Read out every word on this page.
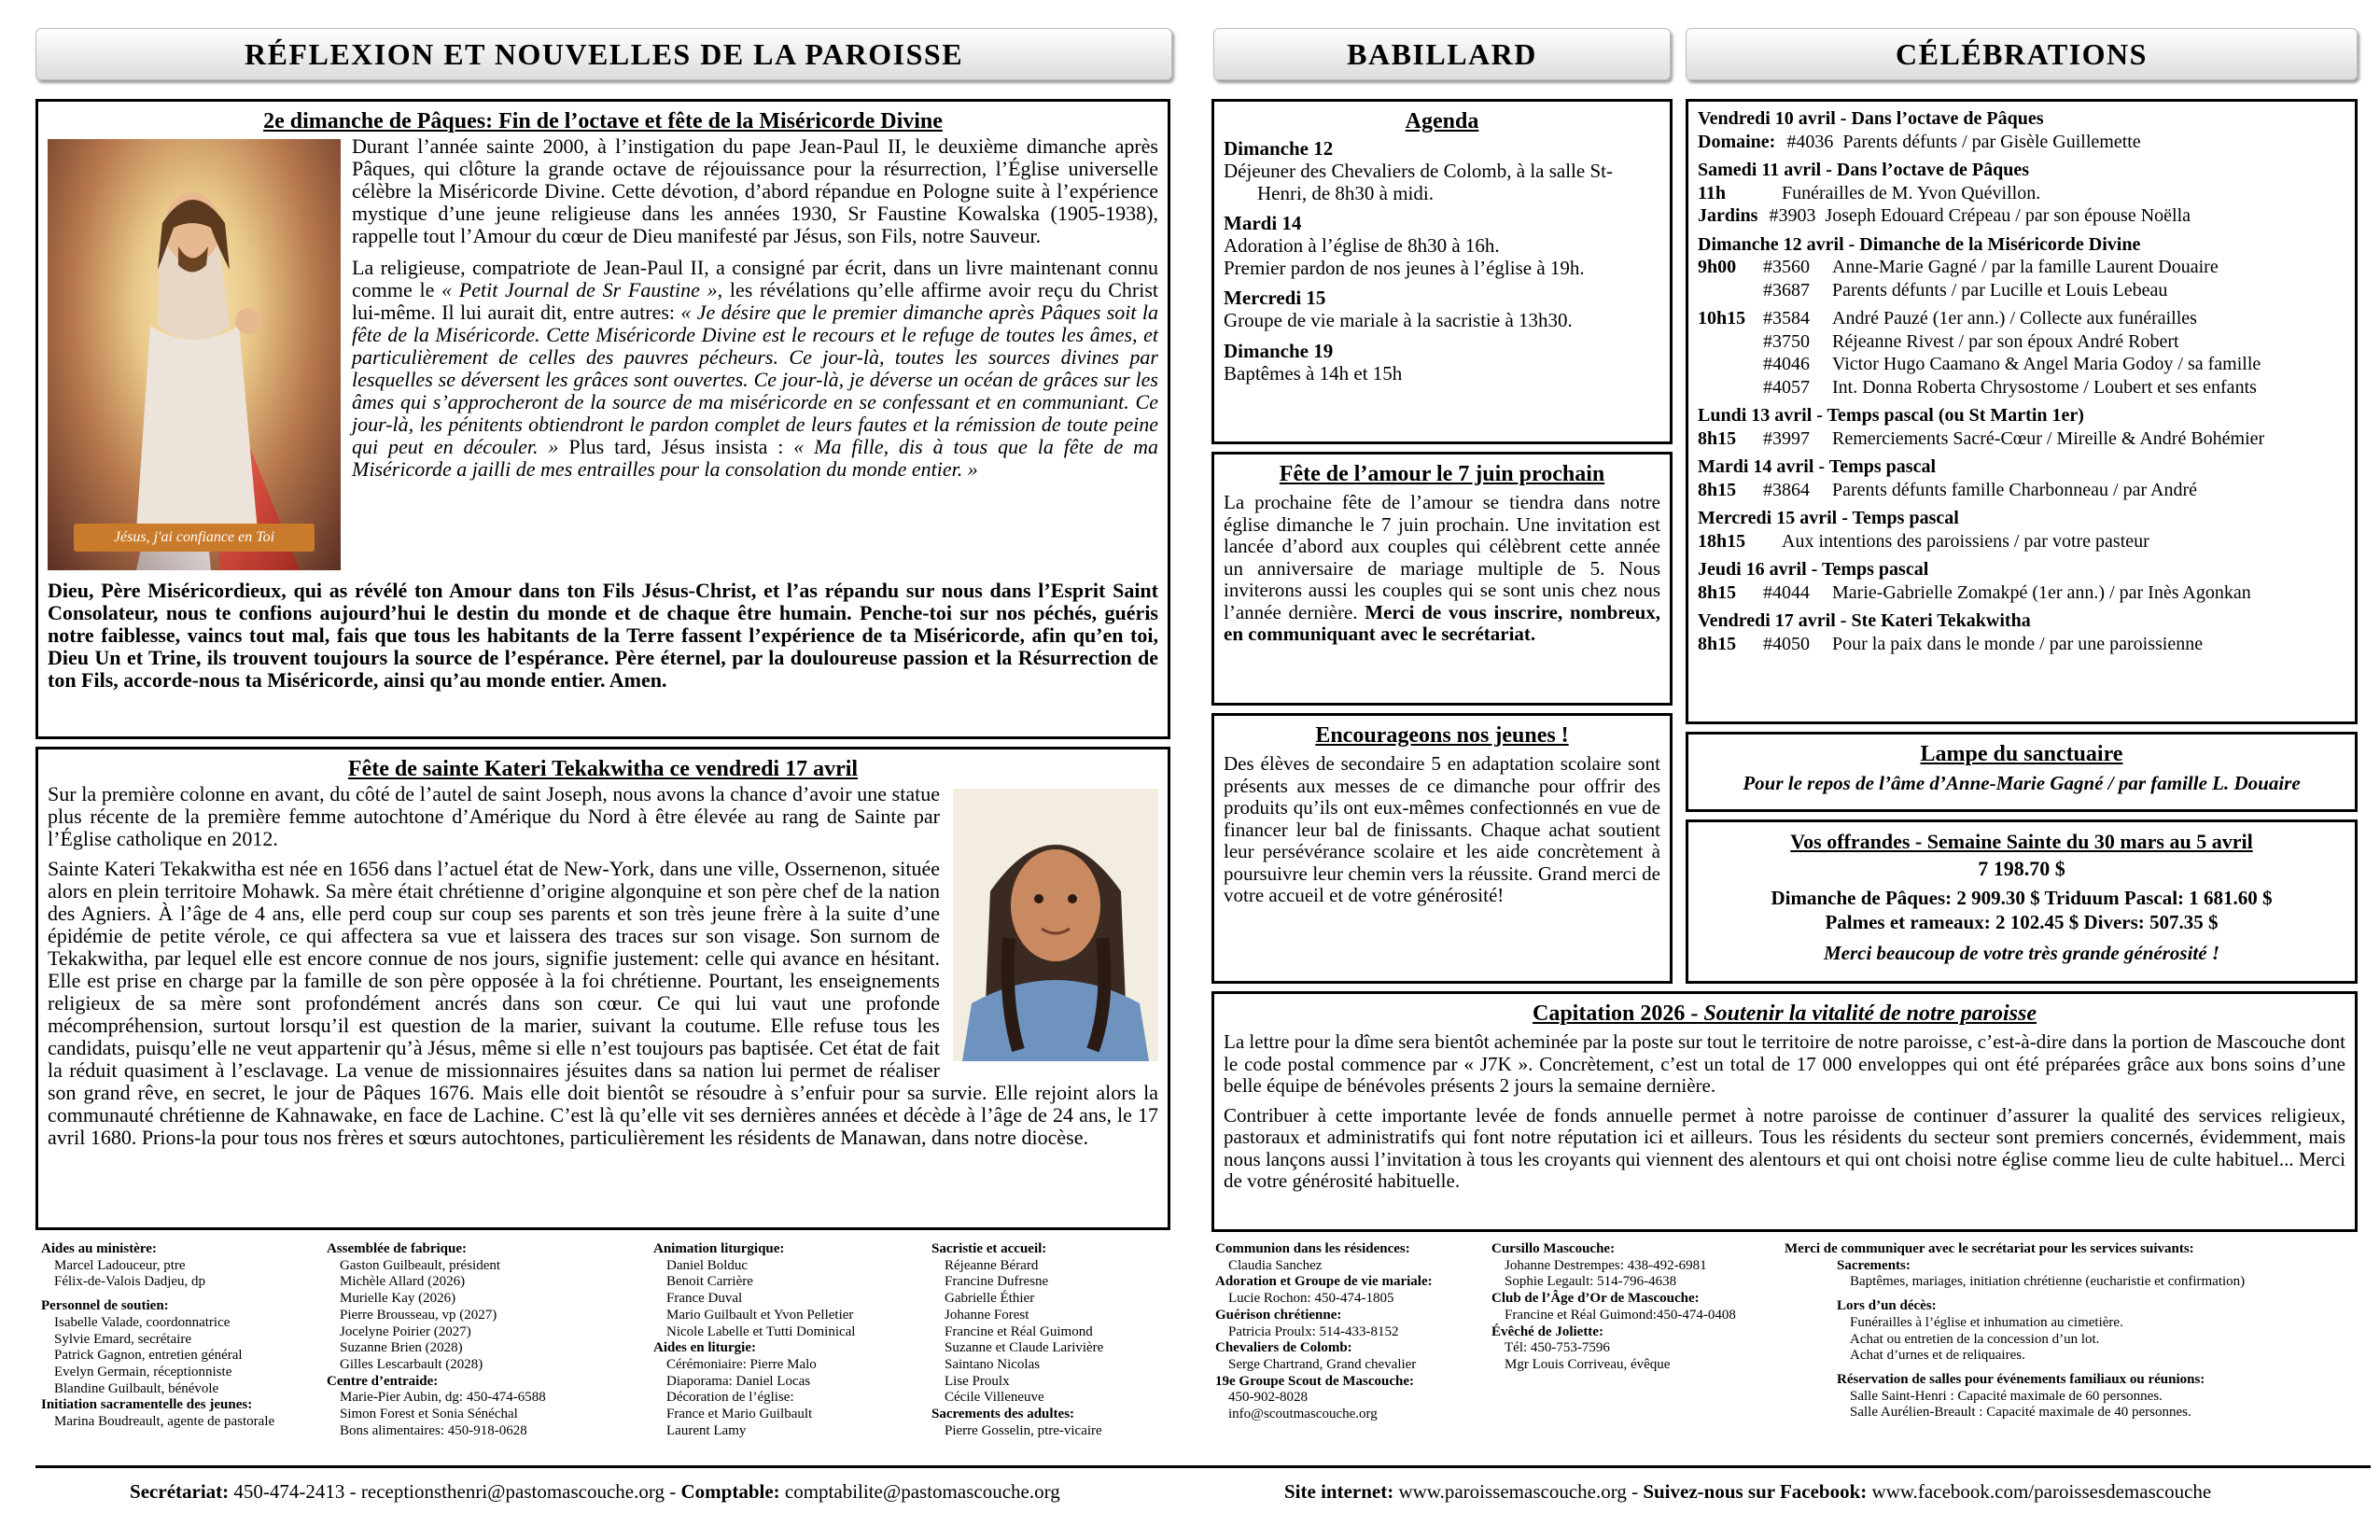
RÉFLEXION ET NOUVELLES DE LA PAROISSE	BABILLARD	CÉLÉBRATIONS
2e dimanche de Pâques: Fin de l’octave et fête de la Miséricorde Divine
Jésus, j'ai confiance en Toi

Durant l’année sainte 2000, à l’instigation du pape Jean-Paul II, le deuxième dimanche après Pâques, qui clôture la grande octave de réjouissance pour la résurrection, l’Église universelle célèbre la Miséricorde Divine. Cette dévotion, d’abord répandue en Pologne suite à l’expérience mystique d’une jeune religieuse dans les années 1930, Sr Faustine Kowalska (1905-1938), rappelle tout l’Amour du cœur de Dieu manifesté par Jésus, son Fils, notre Sauveur.

La religieuse, compatriote de Jean-Paul II, a consigné par écrit, dans un livre maintenant connu comme le « Petit Journal de Sr Faustine », les révélations qu’elle affirme avoir reçu du Christ lui-même. Il lui aurait dit, entre autres: « Je désire que le premier dimanche après Pâques soit la fête de la Miséricorde. Cette Miséricorde Divine est le recours et le refuge de toutes les âmes, et particulièrement de celles des pauvres pécheurs. Ce jour-là, toutes les sources divines par lesquelles se déversent les grâces sont ouvertes. Ce jour-là, je déverse un océan de grâces sur les âmes qui s’approcheront de la source de ma miséricorde en se confessant et en communiant. Ce jour-là, les pénitents obtiendront le pardon complet de leurs fautes et la rémission de toute peine qui peut en découler. » Plus tard, Jésus insista : « Ma fille, dis à tous que la fête de ma Miséricorde a jailli de mes entrailles pour la consolation du monde entier. »

Dieu, Père Miséricordieux, qui as révélé ton Amour dans ton Fils Jésus-Christ, et l’as répandu sur nous dans l’Esprit Saint Consolateur, nous te confions aujourd’hui le destin du monde et de chaque être humain. Penche-toi sur nos péchés, guéris notre faiblesse, vaincs tout mal, fais que tous les habitants de la Terre fassent l’expérience de ta Miséricorde, afin qu’en toi, Dieu Un et Trine, ils trouvent toujours la source de l’espérance. Père éternel, par la douloureuse passion et la Résurrection de ton Fils, accorde-nous ta Miséricorde, ainsi qu’au monde entier. Amen.

Fête de sainte Kateri Tekakwitha ce vendredi 17 avril

Sur la première colonne en avant, du côté de l’autel de saint Joseph, nous avons la chance d’avoir une statue plus récente de la première femme autochtone d’Amérique du Nord à être élevée au rang de Sainte par l’Église catholique en 2012.

Sainte Kateri Tekakwitha est née en 1656 dans l’actuel état de New-York, dans une ville, Ossernenon, située alors en plein territoire Mohawk. Sa mère était chrétienne d’origine algonquine et son père chef de la nation des Agniers. À l’âge de 4 ans, elle perd coup sur coup ses parents et son très jeune frère à la suite d’une épidémie de petite vérole, ce qui affectera sa vue et laissera des traces sur son visage. Son surnom de Tekakwitha, par lequel elle est encore connue de nos jours, signifie justement: celle qui avance en hésitant. Elle est prise en charge par la famille de son père opposée à la foi chrétienne. Pourtant, les enseignements religieux de sa mère sont profondément ancrés dans son cœur. Ce qui lui vaut une profonde mécompréhension, surtout lorsqu’il est question de la marier, suivant la coutume. Elle refuse tous les candidats, puisqu’elle ne veut appartenir qu’à Jésus, même si elle n’est toujours pas baptisée. Cet état de fait la réduit quasiment à l’esclavage. La venue de missionnaires jésuites dans sa nation lui permet de réaliser son grand rêve, en secret, le jour de Pâques 1676. Mais elle doit bientôt se résoudre à s’enfuir pour sa survie. Elle rejoint alors la communauté chrétienne de Kahnawake, en face de Lachine. C’est là qu’elle vit ses dernières années et décède à l’âge de 24 ans, le 17 avril 1680. Prions-la pour tous nos frères et sœurs autochtones, particulièrement les résidents de Manawan, dans notre diocèse.

Agenda
Dimanche 12
Déjeuner des Chevaliers de Colomb, à la salle St-Henri, de 8h30 à midi.
Mardi 14
Adoration à l’église de 8h30 à 16h.
Premier pardon de nos jeunes à l’église à 19h.
Mercredi 15
Groupe de vie mariale à la sacristie à 13h30.
Dimanche 19
Baptêmes à 14h et 15h
Fête de l’amour le 7 juin prochain

La prochaine fête de l’amour se tiendra dans notre église dimanche le 7 juin prochain. Une invitation est lancée d’abord aux couples qui célèbrent cette année un anniversaire de mariage multiple de 5. Nous inviterons aussi les couples qui se sont unis chez nous l’année dernière. Merci de vous inscrire, nombreux, en communiquant avec le secrétariat.

Encourageons nos jeunes !

Des élèves de secondaire 5 en adaptation scolaire sont présents aux messes de ce dimanche pour offrir des produits qu’ils ont eux-mêmes confectionnés en vue de financer leur bal de finissants. Chaque achat soutient leur persévérance scolaire et les aide concrètement à poursuivre leur chemin vers la réussite. Grand merci de votre accueil et de votre générosité!

Vendredi 10 avril - Dans l’octave de Pâques
Domaine: #4036 Parents défunts / par Gisèle Guillemette
Samedi 11 avril - Dans l’octave de Pâques
11h	Funérailles de M. Yvon Quévillon.
Jardins #3903 Joseph Edouard Crépeau / par son épouse Noëlla
Dimanche 12 avril - Dimanche de la Miséricorde Divine
9h00	#3560	Anne-Marie Gagné / par la famille Laurent Douaire
#3687	Parents défunts / par Lucille et Louis Lebeau
10h15 #3584	André Pauzé (1er ann.) / Collecte aux funérailles
#3750	Réjeanne Rivest / par son époux André Robert
#4046	Victor Hugo Caamano & Angel Maria Godoy / sa famille
#4057	Int. Donna Roberta Chrysostome / Loubert et ses enfants
Lundi 13 avril - Temps pascal (ou St Martin 1er)
8h15	#3997	Remerciements Sacré-Cœur / Mireille & André Bohémier
Mardi 14 avril - Temps pascal
8h15	#3864	Parents défunts famille Charbonneau / par André
Mercredi 15 avril - Temps pascal
18h15	Aux intentions des paroissiens / par votre pasteur
Jeudi 16 avril - Temps pascal
8h15	#4044	Marie-Gabrielle Zomakpé (1er ann.) / par Inès Agonkan
Vendredi 17 avril - Ste Kateri Tekakwitha
8h15	#4050	Pour la paix dans le monde / par une paroissienne
Lampe du sanctuaire
Pour le repos de l’âme d’Anne-Marie Gagné / par famille L. Douaire
Vos offrandes - Semaine Sainte du 30 mars au 5 avril
7 198.70 $
Dimanche de Pâques: 2 909.30 $ Triduum Pascal: 1 681.60 $
Palmes et rameaux: 2 102.45 $ Divers: 507.35 $
Merci beaucoup de votre très grande générosité !
Capitation 2026 - Soutenir la vitalité de notre paroisse

La lettre pour la dîme sera bientôt acheminée par la poste sur tout le territoire de notre paroisse, c’est-à-dire dans la portion de Mascouche dont le code postal commence par « J7K ». Concrètement, c’est un total de 17 000 enveloppes qui ont été préparées grâce aux bons soins d’une belle équipe de bénévoles présents 2 jours la semaine dernière.

Contribuer à cette importante levée de fonds annuelle permet à notre paroisse de continuer d’assurer la qualité des services religieux, pastoraux et administratifs qui font notre réputation ici et ailleurs. Tous les résidents du secteur sont premiers concernés, évidemment, mais nous lançons aussi l’invitation à tous les croyants qui viennent des alentours et qui ont choisi notre église comme lieu de culte habituel... Merci de votre générosité habituelle.

Aides au ministère:
Marcel Ladouceur, ptre
Félix-de-Valois Dadjeu, dp
Personnel de soutien:
Isabelle Valade, coordonnatrice
Sylvie Emard, secrétaire
Patrick Gagnon, entretien général
Evelyn Germain, réceptionniste
Blandine Guilbault, bénévole
Initiation sacramentelle des jeunes:
Marina Boudreault, agente de pastorale
Assemblée de fabrique:
Gaston Guilbeault, président
Michèle Allard (2026)
Murielle Kay (2026)
Pierre Brousseau, vp (2027)
Jocelyne Poirier (2027)
Suzanne Brien (2028)
Gilles Lescarbault (2028)
Centre d’entraide:
Marie-Pier Aubin, dg: 450-474-6588
Simon Forest et Sonia Sénéchal
Bons alimentaires: 450-918-0628
Animation liturgique:
Daniel Bolduc
Benoit Carrière
France Duval
Mario Guilbault et Yvon Pelletier
Nicole Labelle et Tutti Dominical
Aides en liturgie:
Cérémoniaire: Pierre Malo
Diaporama: Daniel Locas
Décoration de l’église:
France et Mario Guilbault
Laurent Lamy
Sacristie et accueil:
Réjeanne Bérard
Francine Dufresne
Gabrielle Éthier
Johanne Forest
Francine et Réal Guimond
Suzanne et Claude Larivière
Saintano Nicolas
Lise Proulx
Cécile Villeneuve
Sacrements des adultes:
Pierre Gosselin, ptre-vicaire
Communion dans les résidences:
Claudia Sanchez
Adoration et Groupe de vie mariale:
Lucie Rochon: 450-474-1805
Guérison chrétienne:
Patricia Proulx: 514-433-8152
Chevaliers de Colomb:
Serge Chartrand, Grand chevalier
19e Groupe Scout de Mascouche:
450-902-8028
info@scoutmascouche.org
Cursillo Mascouche:
Johanne Destrempes: 438-492-6981
Sophie Legault: 514-796-4638
Club de l’Âge d’Or de Mascouche:
Francine et Réal Guimond:450-474-0408
Évêché de Joliette:
Tél: 450-753-7596
Mgr Louis Corriveau, évêque
Merci de communiquer avec le secrétariat pour les services suivants:
Sacrements:
Baptêmes, mariages, initiation chrétienne (eucharistie et confirmation)
Lors d’un décès:
Funérailles à l’église et inhumation au cimetière.
Achat ou entretien de la concession d’un lot.
Achat d’urnes et de reliquaires.
Réservation de salles pour événements familiaux ou réunions:
Salle Saint-Henri : Capacité maximale de 60 personnes.
Salle Aurélien-Breault : Capacité maximale de 40 personnes.
Secrétariat: 450-474-2413 - receptionsthenri@pastomascouche.org - Comptable: comptabilite@pastomascouche.org	Site internet: www.paroissemascouche.org - Suivez-nous sur Facebook: www.facebook.com/paroissesdemascouche
